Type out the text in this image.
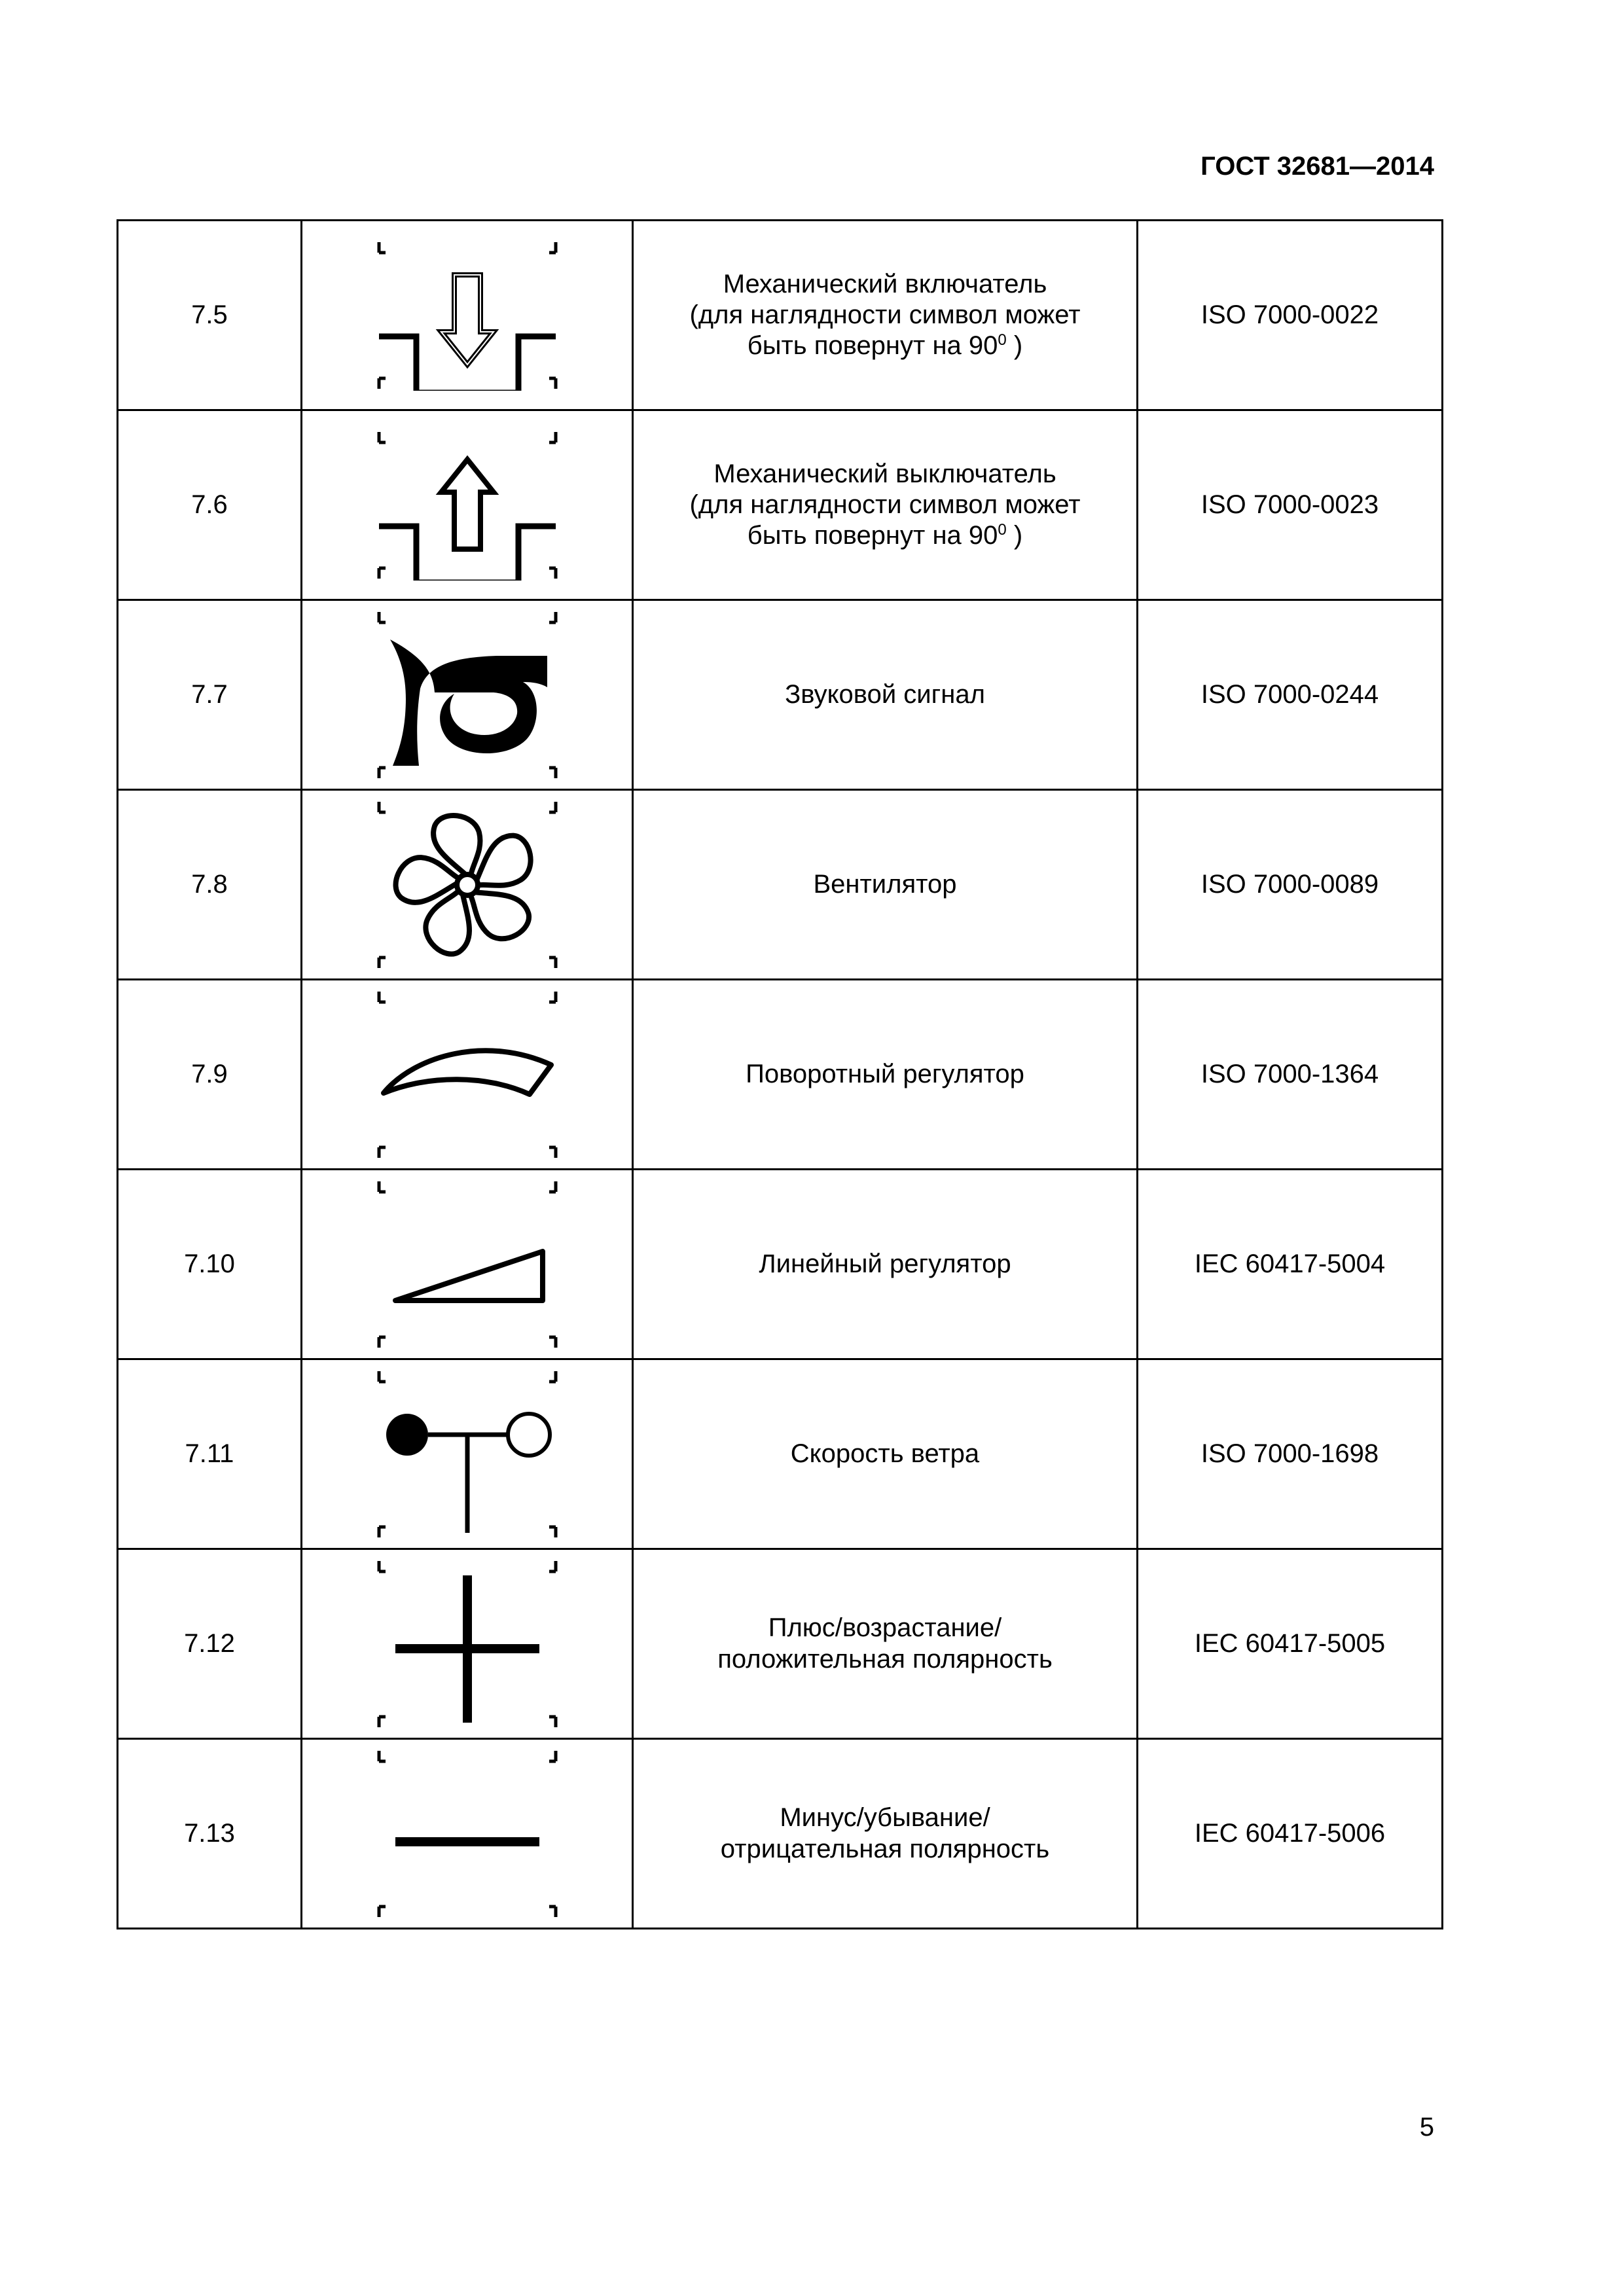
ГОСТ 32681—2014
7.5		Механический включатель
(для наглядности символ может
быть повернут на $90^0$ )	ISO 7000-0022
7.6		Механический выключатель
(для наглядности символ может
быть повернут на $90^0$ )	ISO 7000-0023
7.7		Звуковой сигнал	ISO 7000-0244
7.8		Вентилятор	ISO 7000-0089
7.9		Поворотный регулятор	ISO 7000-1364
7.10		Линейный регулятор	IEC 60417-5004
7.11		Скорость ветра	ISO 7000-1698
7.12		Плюс/возрастание/
положительная полярность	IEC 60417-5005
7.13		Минус/убывание/
отрицательная полярность	IEC 60417-5006
5
